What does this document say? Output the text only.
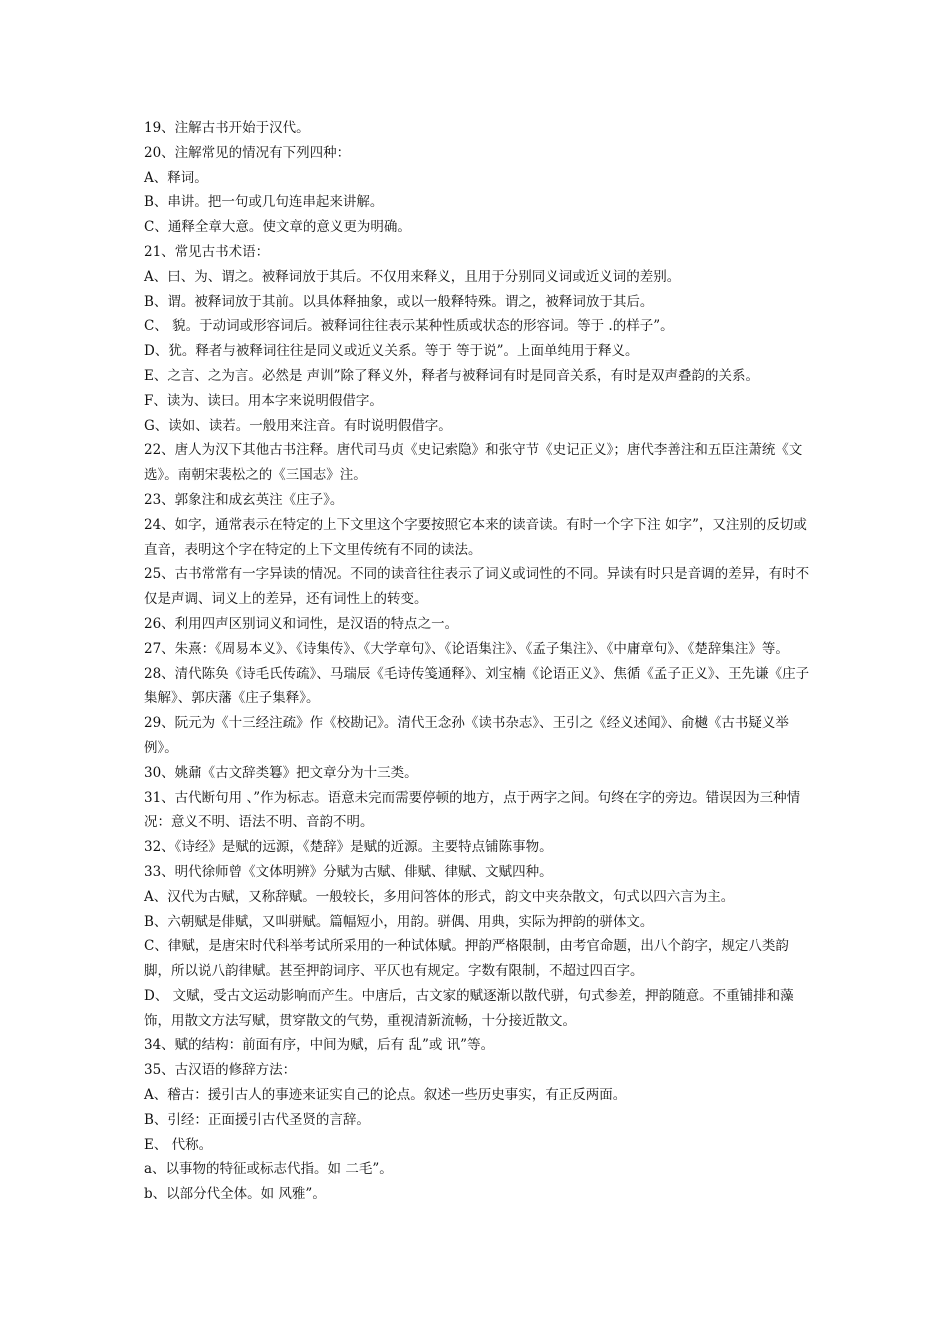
19、注解古书开始于汉代。

20、注解常见的情况有下列四种：

A、释词。

B、串讲。把一句或几句连串起来讲解。

C、通释全章大意。使文章的意义更为明确。

21、常见古书术语：

A、曰、为、谓之。被释词放于其后。不仅用来释义，且用于分别同义词或近义词的差别。

B、谓。被释词放于其前。以具体释抽象，或以一般释特殊。谓之，被释词放于其后。

C、 貌。于动词或形容词后。被释词往往表示某种性质或状态的形容词。等于 .的样子”。

D、犹。释者与被释词往往是同义或近义关系。等于 等于说”。上面单纯用于释义。

E、之言、之为言。必然是 声训”除了释义外，释者与被释词有时是同音关系，有时是双声叠韵的关系。

F、读为、读曰。用本字来说明假借字。

G、读如、读若。一般用来注音。有时说明假借字。

22、唐人为汉下其他古书注释。唐代司马贞《史记索隐》和张守节《史记正义》；唐代李善注和五臣注萧统《文选》。南朝宋裴松之的《三国志》注。

23、郭象注和成玄英注《庄子》。

24、如字，通常表示在特定的上下文里这个字要按照它本来的读音读。有时一个字下注 如字”，又注别的反切或直音，表明这个字在特定的上下文里传统有不同的读法。

25、古书常常有一字异读的情况。不同的读音往往表示了词义或词性的不同。异读有时只是音调的差异，有时不仅是声调、词义上的差异，还有词性上的转变。

26、利用四声区别词义和词性，是汉语的特点之一。

27、朱熹：《周易本义》、《诗集传》、《大学章句》、《论语集注》、《孟子集注》、《中庸章句》、《楚辞集注》等。

28、清代陈奂《诗毛氏传疏》、马瑞辰《毛诗传笺通释》、刘宝楠《论语正义》、焦循《孟子正义》、王先谦《庄子集解》、郭庆藩《庄子集释》。

29、阮元为《十三经注疏》作《校勘记》。清代王念孙《读书杂志》、王引之《经义述闻》、俞樾《古书疑义举例》。

30、姚鼐《古文辞类篹》把文章分为十三类。

31、古代断句用 、”作为标志。语意未完而需要停顿的地方，点于两字之间。句终在字的旁边。错误因为三种情况：意义不明、语法不明、音韵不明。

32、《诗经》是赋的远源，《楚辞》是赋的近源。主要特点铺陈事物。

33、明代徐师曾《文体明辨》分赋为古赋、俳赋、律赋、文赋四种。

A、汉代为古赋，又称辞赋。一般较长，多用问答体的形式，韵文中夹杂散文，句式以四六言为主。

B、六朝赋是俳赋，又叫骈赋。篇幅短小，用韵。骈偶、用典，实际为押韵的骈体文。

C、律赋，是唐宋时代科举考试所采用的一种试体赋。押韵严格限制，由考官命题，出八个韵字，规定八类韵脚，所以说八韵律赋。甚至押韵词序、平仄也有规定。字数有限制，不超过四百字。

D、 文赋，受古文运动影响而产生。中唐后，古文家的赋逐渐以散代骈，句式参差，押韵随意。不重铺排和藻饰，用散文方法写赋，贯穿散文的气势，重视清新流畅，十分接近散文。

34、赋的结构：前面有序，中间为赋，后有 乱”或 讯”等。

35、古汉语的修辞方法：

A、稽古：援引古人的事迹来证实自己的论点。叙述一些历史事实，有正反两面。

B、引经：正面援引古代圣贤的言辞。

E、 代称。

a、以事物的特征或标志代指。如 二毛”。

b、以部分代全体。如 风雅”。
